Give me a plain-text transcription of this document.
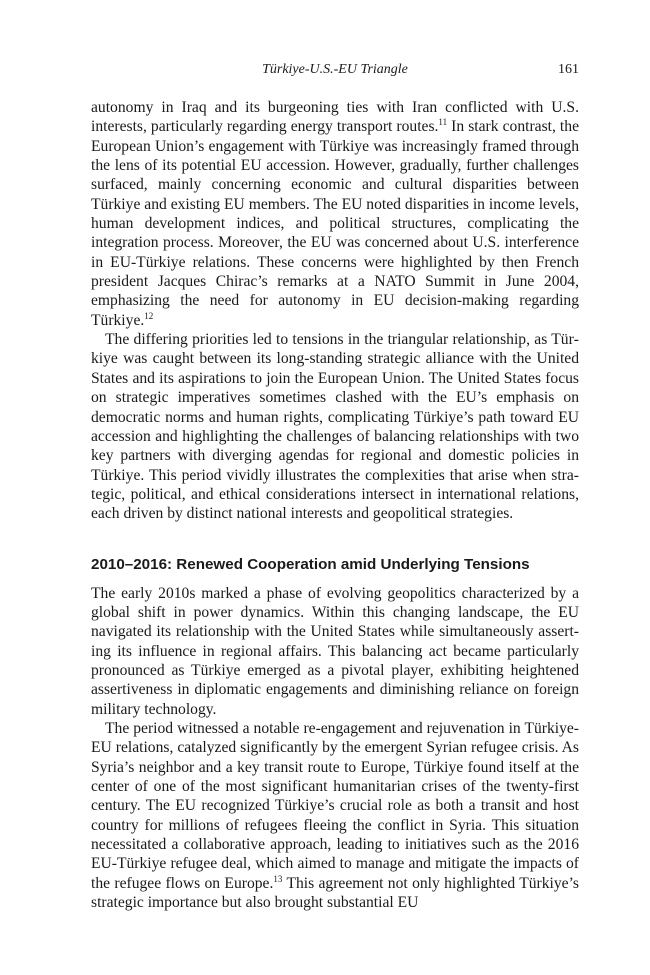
Türkiye-U.S.-EU Triangle	161

autonomy in Iraq and its burgeoning ties with Iran conflicted with U.S. interests, particularly regarding energy transport routes.$^{11}$ In stark contrast, the European Union’s engagement with Türkiye was increasingly framed through the lens of its potential EU accession. However, gradually, further challenges surfaced, mainly concerning economic and cultural disparities between Türkiye and existing EU members. The EU noted disparities in income levels, human development indices, and political structures, complicating the integration process. Moreover, the EU was concerned about U.S. interference in EU-Türkiye relations. These concerns were highlighted by then French president Jacques Chirac’s remarks at a NATO Summit in June 2004, emphasizing the need for autonomy in EU decision-making regarding Türkiye.$^{12}$

The differing priorities led to tensions in the triangular relationship, as Türkiye was caught between its long-standing strategic alliance with the United States and its aspirations to join the European Union. The United States focus on strategic imperatives sometimes clashed with the EU’s emphasis on democratic norms and human rights, complicating Türkiye’s path toward EU accession and highlighting the challenges of balancing relationships with two key partners with diverging agendas for regional and domestic policies in Türkiye. This period vividly illustrates the complexities that arise when strategic, political, and ethical considerations intersect in international relations, each driven by distinct national interests and geopolitical strategies.

2010–2016: Renewed Cooperation amid Underlying Tensions

The early 2010s marked a phase of evolving geopolitics characterized by a global shift in power dynamics. Within this changing landscape, the EU navigated its relationship with the United States while simultaneously asserting its influence in regional affairs. This balancing act became particularly pronounced as Türkiye emerged as a pivotal player, exhibiting heightened assertiveness in diplomatic engagements and diminishing reliance on foreign military technology.

The period witnessed a notable re-engagement and rejuvenation in Türkiye-EU relations, catalyzed significantly by the emergent Syrian refugee crisis. As Syria’s neighbor and a key transit route to Europe, Türkiye found itself at the center of one of the most significant humanitarian crises of the twenty-first century. The EU recognized Türkiye’s crucial role as both a transit and host country for millions of refugees fleeing the conflict in Syria. This situation necessitated a collaborative approach, leading to initiatives such as the 2016 EU-Türkiye refugee deal, which aimed to manage and mitigate the impacts of the refugee flows on Europe.$^{13}$ This agreement not only highlighted Türkiye’s strategic importance but also brought substantial EU
